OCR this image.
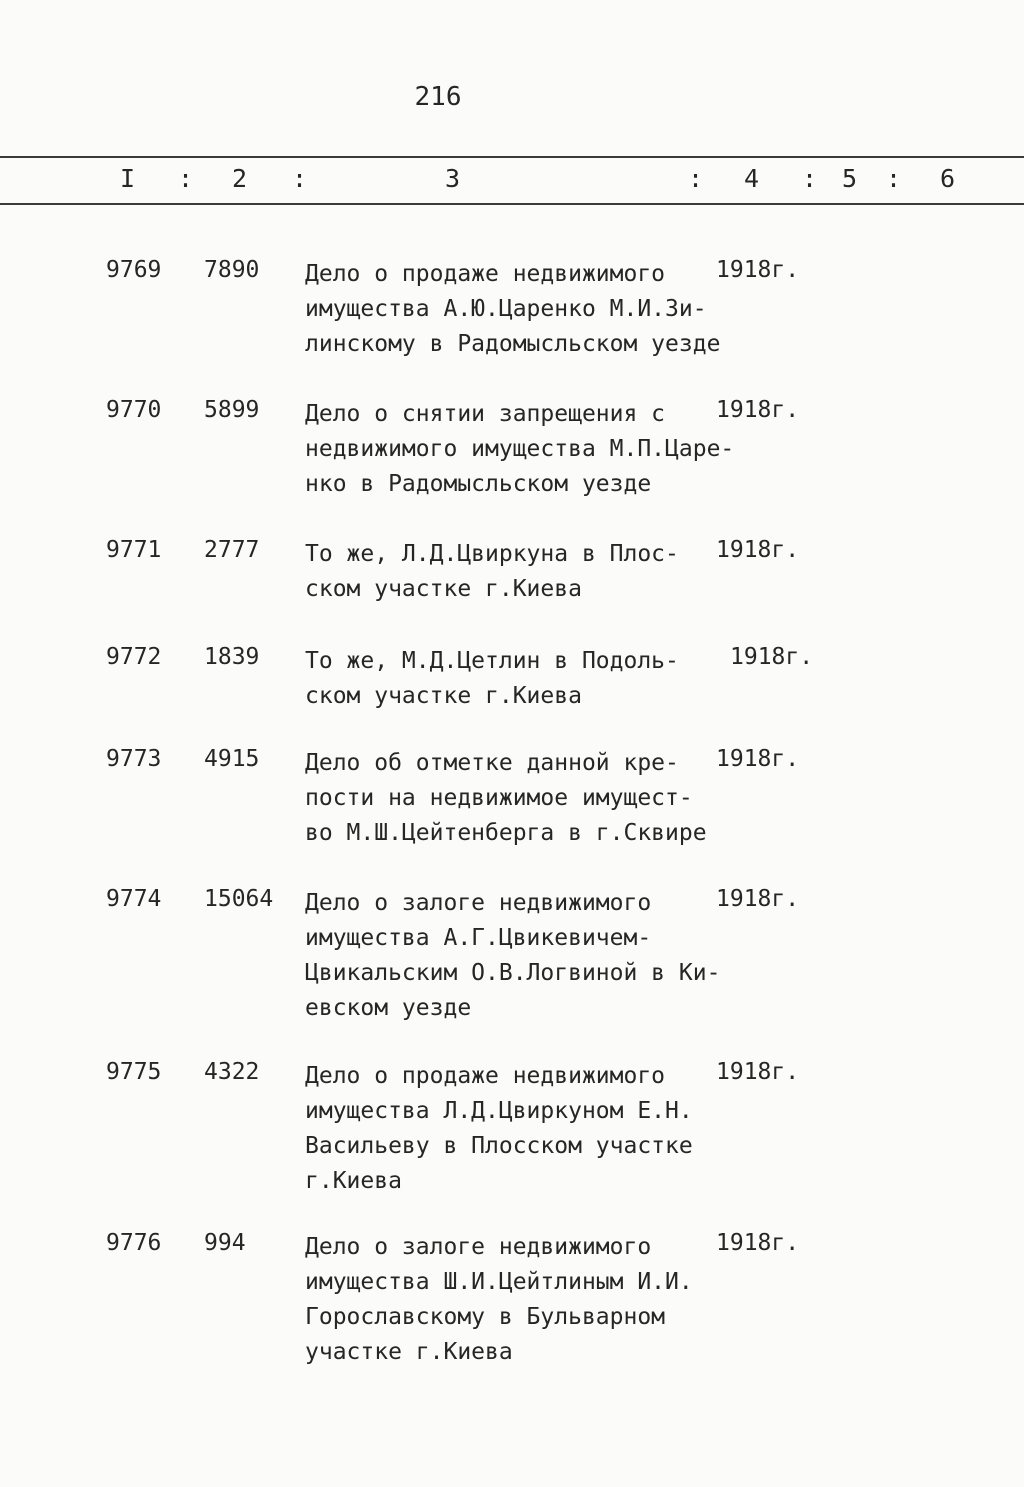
216
I : 2 :	3	: 4 : 5 : 6
9769 7890 Дело о продаже недвижимого
имущества А.Ю.Царенко М.И.Зи-
линскому в Радомысльском уезде
1918г.
9770 5899 Дело о снятии запрещения с
недвижимого имущества М.П.Царе-
нко в Радомысльском уезде
1918г.
9771 2777 То же, Л.Д.Цвиркуна в Плос-
ском участке г.Киева
1918г.
9772 1839 То же, М.Д.Цетлин в Подоль-
ском участке г.Киева
1918г.
9773 4915 Дело об отметке данной кре-
пости на недвижимое имущест-
во М.Ш.Цейтенберга в г.Сквире
1918г.
9774 15064 Дело о залоге недвижимого
имущества А.Г.Цвикевичем-
Цвикальским О.В.Логвиной в Ки-
евском уезде
1918г.
9775 4322 Дело о продаже недвижимого
имущества Л.Д.Цвиркуном Е.Н.
Васильеву в Плосском участке
г.Киева
1918г.
9776 994	Дело о залоге недвижимого
имущества Ш.И.Цейтлиным И.И.
Горославскому в Бульварном
участке г.Киева
1918г.
